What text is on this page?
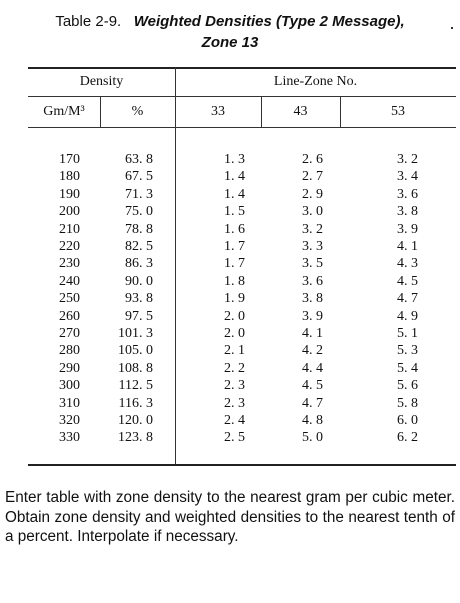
Table 2-9. Weighted Densities (Type 2 Message),
Zone 13
Density	Line-Zone No.
Gm/M³	%	33	43	53
170	63. 8	1. 3	2. 6	3. 2
180	67. 5	1. 4	2. 7	3. 4
190	71. 3	1. 4	2. 9	3. 6
200	75. 0	1. 5	3. 0	3. 8
210	78. 8	1. 6	3. 2	3. 9
220	82. 5	1. 7	3. 3	4. 1
230	86. 3	1. 7	3. 5	4. 3
240	90. 0	1. 8	3. 6	4. 5
250	93. 8	1. 9	3. 8	4. 7
260	97. 5	2. 0	3. 9	4. 9
270	101. 3	2. 0	4. 1	5. 1
280	105. 0	2. 1	4. 2	5. 3
290	108. 8	2. 2	4. 4	5. 4
300	112. 5	2. 3	4. 5	5. 6
310	116. 3	2. 3	4. 7	5. 8
320	120. 0	2. 4	4. 8	6. 0
330	123. 8	2. 5	5. 0	6. 2
Enter table with zone density to the nearest gram per cubic meter. Obtain zone density and weighted densities to the nearest tenth of a percent. Interpolate if necessary.
